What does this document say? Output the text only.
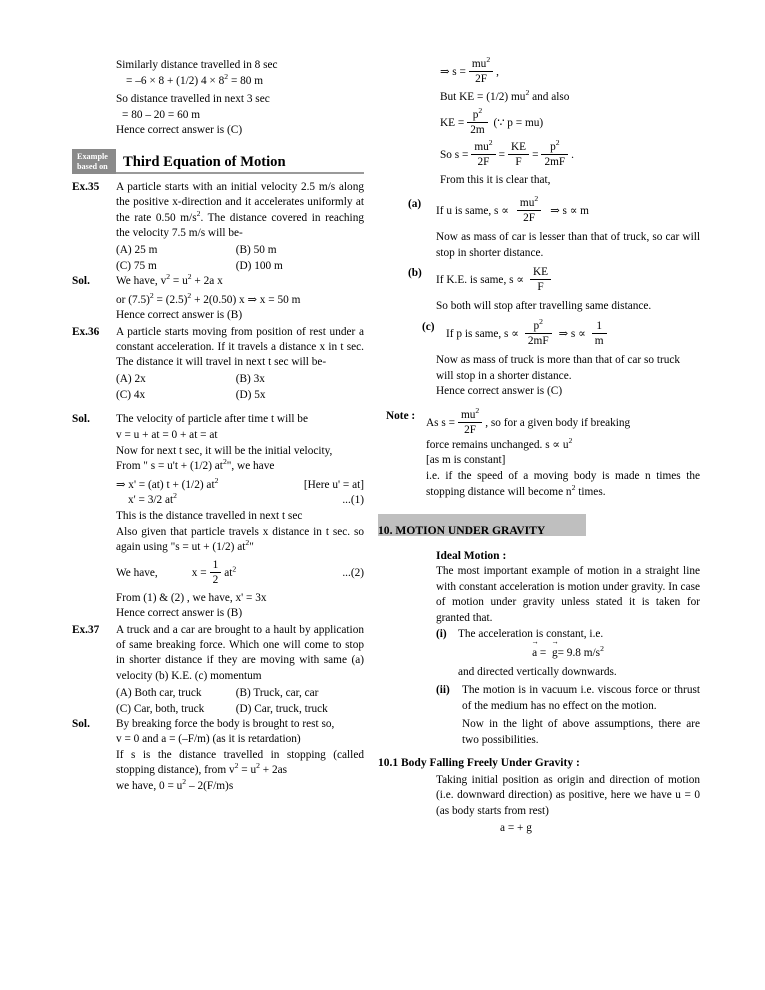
Similarly distance travelled in 8 sec
= –6 × 8 + (1/2) $4 \times 8^2 = 80$ m
So distance travelled in next 3 sec
= 80 – 20 = 60 m
Hence correct answer is (C)
Example
based on	Third Equation of Motion
Ex.35	A particle starts with an initial velocity 2.5 m/s along the positive x-direction and it accelerates uniformly at the rate 0.50 $m/s^2$. The distance covered in reaching the velocity 7.5 m/s will be-
(A) 25 m	(B) 50 m
(C) 75 m	(D) 100 m
Sol.	We have, $v^2 = u^2 + 2a$ x
or $(7.5)^2 = (2.5)^2 + 2(0.50)$ x ⇒ x = 50 m
Hence correct answer is (B)
Ex.36	A particle starts moving from position of rest under a constant acceleration. If it travels a distance x in t sec. The distance it will travel in next t sec will be-
(A) 2x	(B) 3x
(C) 4x	(D) 5x
Sol.	The velocity of particle after time t will be
v = u + at = 0 + at = at
Now for next t sec, it will be the initial velocity,
From " s = u't + (1/2) $at^2$", we have
⇒ x' = (at) t + (1/2) $at^2$	[Here u' = at]
x' = 3/2 $at^2$	...(1)
This is the distance travelled in next t sec
Also given that particle travels x distance in t sec. so again using "s = ut + (1/2) $at^2$"
We have,	$x = \frac{1}{2} at^2$	...(2)
From (1) & (2) , we have, x' = 3x
Hence correct answer is (B)
Ex.37	A truck and a car are brought to a hault by application of same breaking force. Which one will come to stop in shorter distance if they are moving with same (a) velocity (b) K.E. (c) momentum
(A) Both car, truck	(B) Truck, car, car
(C) Car, both, truck	(D) Car, truck, truck
Sol.	By breaking force the body is brought to rest so,
v = 0 and a = (–F/m) (as it is retardation)
If s is the distance travelled in stopping (called stopping distance), from $v^2 = u^2 + 2as$
we have, $0 = u^2 - 2(F/m)s$
⇒ $s = \frac{mu^2}{2F}$ ,
But KE = (1/2) $mu^2$ and also
KE = $\frac{p^2}{2m}$ (∵ p = mu)
So $s = \frac{mu^2}{2F} = \frac{KE}{F} = \frac{p^2}{2mF}$ .
From this it is clear that,
(a)
If u is same, $s \propto \frac{mu^2}{2F}$ ⇒ s ∝ m
Now as mass of car is lesser than that of truck, so car will stop in shorter distance.
(b)
If K.E. is same, $s \propto \frac{KE}{F}$
So both will stop after travelling same distance.
(c)
If p is same, $s \propto \frac{p^2}{2mF}$ ⇒ $s \propto \frac{1}{m}$
Now as mass of truck is more than that of car so truck will stop in a shorter distance.
Hence correct answer is (C)
Note :
As $s = \frac{mu^2}{2F}$ , so for a given body if breaking
force remains unchanged. $s \propto u^2$
[as m is constant]
i.e. if the speed of a moving body is made n times the stopping distance will become $n^2$ times.
10. MOTION UNDER GRAVITY
Ideal Motion :
The most important example of motion in a straight line with constant acceleration is motion under gravity. In case of motion under gravity unless stated it is taken for granted that.
(i)	The acceleration is constant, i.e.
a → = g →= 9.8 $m/s^2$
and directed vertically downwards.
(ii)	The motion is in vacuum i.e. viscous force or thrust of the medium has no effect on the motion.
Now in the light of above assumptions, there are two possibilities.
10.1 Body Falling Freely Under Gravity :
Taking initial position as origin and direction of motion (i.e. downward direction) as positive, here we have u = 0 (as body starts from rest)
a = + g
